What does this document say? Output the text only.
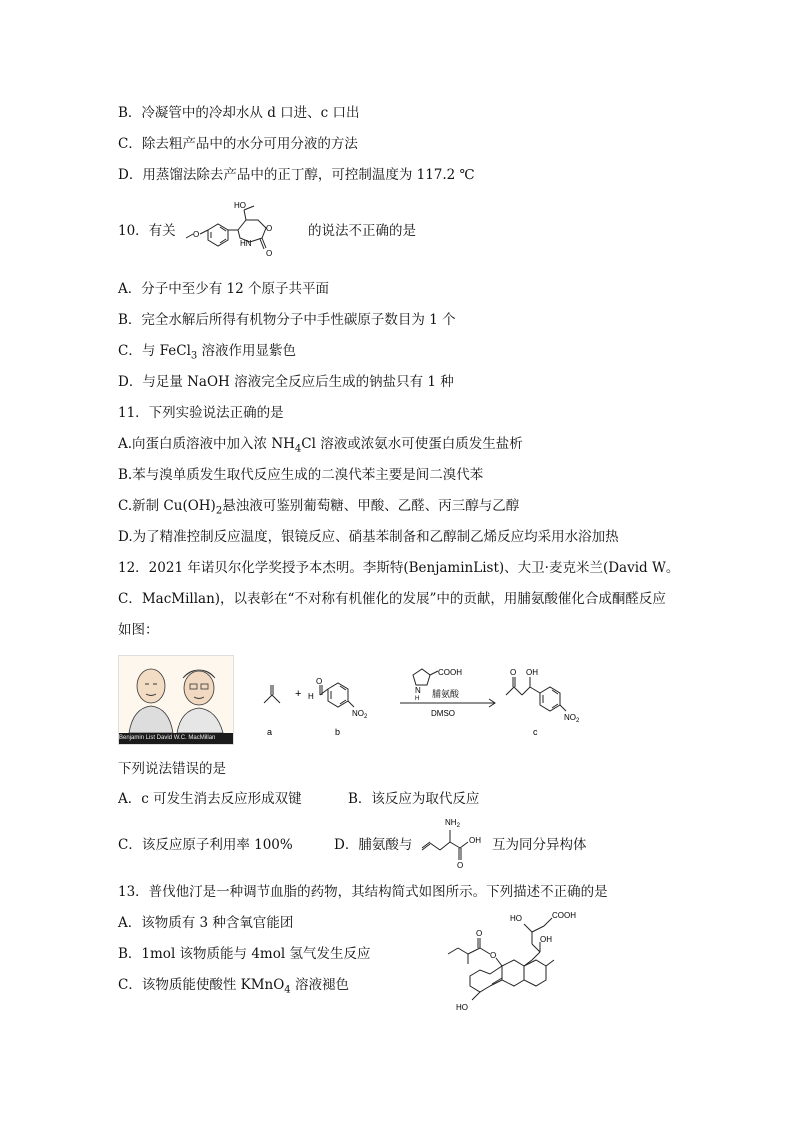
B．冷凝管中的冷却水从 d 口进、c 口出
C．除去粗产品中的水分可用分液的方法
D．用蒸馏法除去产品中的正丁醇，可控制温度为 117.2 ℃
10．有关
HO
O
O
HN
O
的说法不正确的是
A．分子中至少有 12 个原子共平面
B．完全水解后所得有机物分子中手性碳原子数目为 1 个
C．与 FeCl$_3$ 溶液作用显紫色
D．与足量 NaOH 溶液完全反应后生成的钠盐只有 1 种
11．下列实验说法正确的是
A.向蛋白质溶液中加入浓 $NH_4Cl$ 溶液或浓氨水可使蛋白质发生盐析
B.苯与溴单质发生取代反应生成的二溴代苯主要是间二溴代苯
C.新制 $Cu(OH)_2$悬浊液可鉴别葡萄糖、甲酸、乙醛、丙三醇与乙醇
D.为了精准控制反应温度，银镜反应、硝基苯制备和乙醇制乙烯反应均采用水浴加热
12．2021 年诺贝尔化学奖授予本杰明。李斯特(BenjaminList)、大卫·麦克米兰(David W。
C．MacMillan)，以表彰在“不对称有机催化的发展”中的贡献，用脯氨酸催化合成酮醛反应
如图：
Benjamin List David W.C. MacMillan
O
H
$NO_2$
+
a	b
COOH
N
H 脯氨酸
DMSO
O OH
$NO_2$
c
下列说法错误的是
A．c 可发生消去反应形成双键	B．该反应为取代反应
C．该反应原子利用率 100%	D．脯氨酸与
$NH_2$
OH
O
互为同分异构体
13．普伐他汀是一种调节血脂的药物，其结构简式如图所示。下列描述不正确的是
A．该物质有 3 种含氧官能团
B．1mol 该物质能与 4mol 氢气发生反应
C．该物质能使酸性 KMnO$_4$ 溶液褪色
HO	COOH
OH
O
O
HO
